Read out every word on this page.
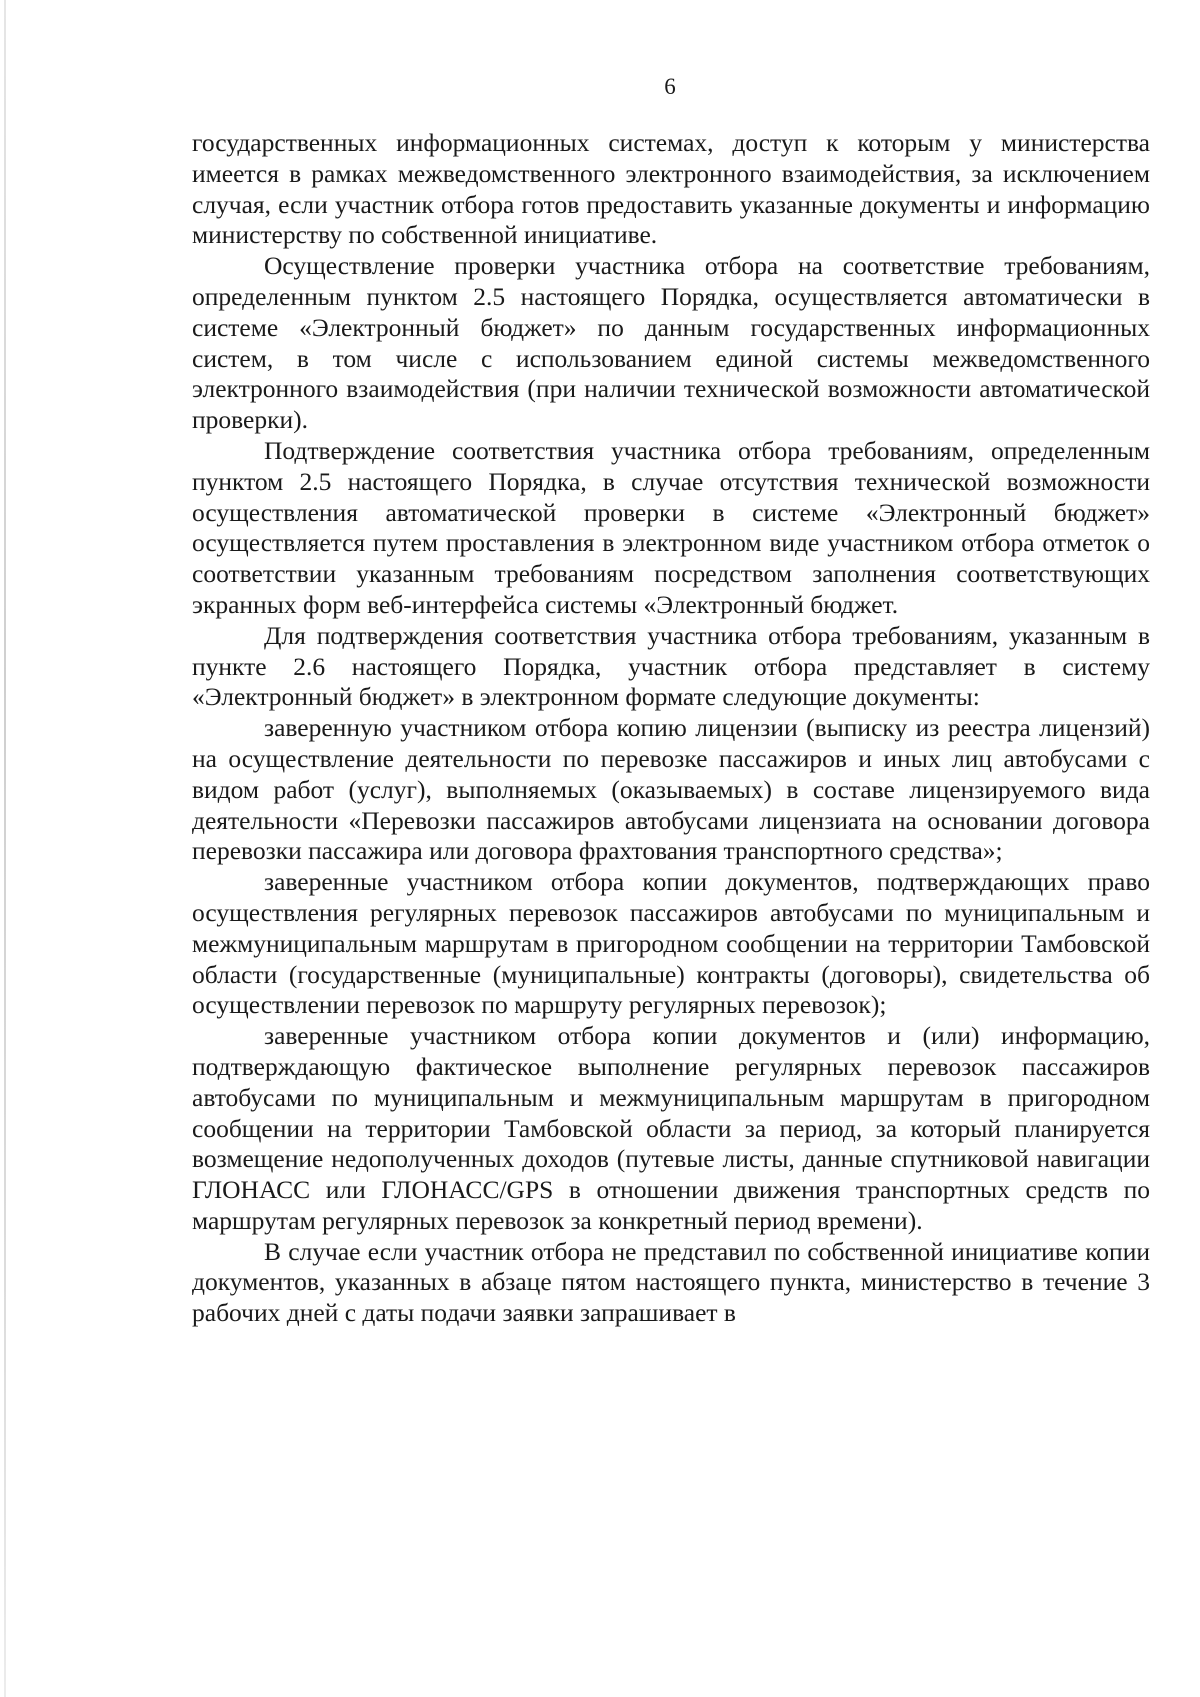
6

государственных информационных системах, доступ к которым у министерства имеется в рамках межведомственного электронного взаимодействия, за исключением случая, если участник отбора готов предоставить указанные документы и информацию министерству по собственной инициативе.

Осуществление проверки участника отбора на соответствие требованиям, определенным пунктом 2.5 настоящего Порядка, осуществляется автоматически в системе «Электронный бюджет» по данным государственных информационных систем, в том числе с использованием единой системы межведомственного электронного взаимодействия (при наличии технической возможности автоматической проверки).

Подтверждение соответствия участника отбора требованиям, определенным пунктом 2.5 настоящего Порядка, в случае отсутствия технической возможности осуществления автоматической проверки в системе «Электронный бюджет» осуществляется путем проставления в электронном виде участником отбора отметок о соответствии указанным требованиям посредством заполнения соответствующих экранных форм веб-интерфейса системы «Электронный бюджет.

Для подтверждения соответствия участника отбора требованиям, указанным в пункте 2.6 настоящего Порядка, участник отбора представляет в систему «Электронный бюджет» в электронном формате следующие документы:

заверенную участником отбора копию лицензии (выписку из реестра лицензий) на осуществление деятельности по перевозке пассажиров и иных лиц автобусами с видом работ (услуг), выполняемых (оказываемых) в составе лицензируемого вида деятельности «Перевозки пассажиров автобусами лицензиата на основании договора перевозки пассажира или договора фрахтования транспортного средства»;

заверенные участником отбора копии документов, подтверждающих право осуществления регулярных перевозок пассажиров автобусами по муниципальным и межмуниципальным маршрутам в пригородном сообщении на территории Тамбовской области (государственные (муниципальные) контракты (договоры), свидетельства об осуществлении перевозок по маршруту регулярных перевозок);

заверенные участником отбора копии документов и (или) информацию, подтверждающую фактическое выполнение регулярных перевозок пассажиров автобусами по муниципальным и межмуниципальным маршрутам в пригородном сообщении на территории Тамбовской области за период, за который планируется возмещение недополученных доходов (путевые листы, данные спутниковой навигации ГЛОНАСС или ГЛОНАСС/GPS в отношении движения транспортных средств по маршрутам регулярных перевозок за конкретный период времени).

В случае если участник отбора не представил по собственной инициативе копии документов, указанных в абзаце пятом настоящего пункта, министерство в течение 3 рабочих дней с даты подачи заявки запрашивает в
